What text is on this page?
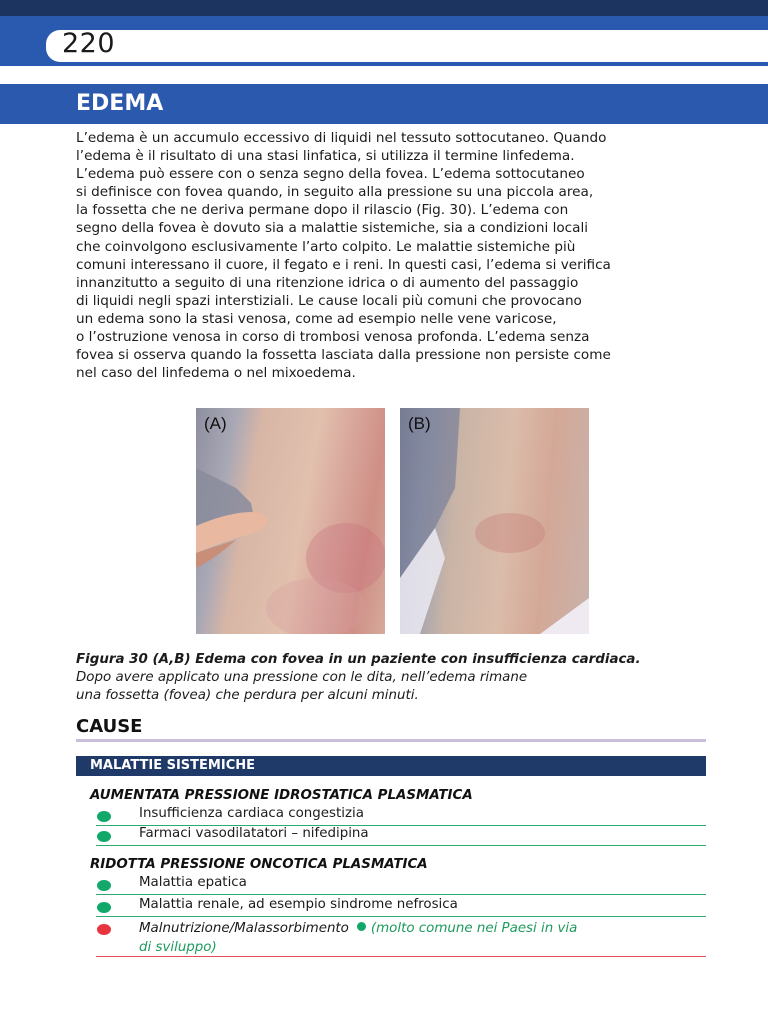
220
EDEMA
L’edema è un accumulo eccessivo di liquidi nel tessuto sottocutaneo. Quando
l’edema è il risultato di una stasi linfatica, si utilizza il termine linfedema.
L’edema può essere con o senza segno della fovea. L’edema sottocutaneo
si definisce con fovea quando, in seguito alla pressione su una piccola area,
la fossetta che ne deriva permane dopo il rilascio (Fig. 30). L’edema con
segno della fovea è dovuto sia a malattie sistemiche, sia a condizioni locali
che coinvolgono esclusivamente l’arto colpito. Le malattie sistemiche più
comuni interessano il cuore, il fegato e i reni. In questi casi, l’edema si verifica
innanzitutto a seguito di una ritenzione idrica o di aumento del passaggio
di liquidi negli spazi interstiziali. Le cause locali più comuni che provocano
un edema sono la stasi venosa, come ad esempio nelle vene varicose,
o l’ostruzione venosa in corso di trombosi venosa profonda. L’edema senza
fovea si osserva quando la fossetta lasciata dalla pressione non persiste come
nel caso del linfedema o nel mixoedema.
(A)	(B)
Figura 30 (A,B) Edema con fovea in un paziente con insufficienza cardiaca.
Dopo avere applicato una pressione con le dita, nell’edema rimane
una fossetta (fovea) che perdura per alcuni minuti.
CAUSE
MALATTIE SISTEMICHE
AUMENTATA PRESSIONE IDROSTATICA PLASMATICA
Insufficienza cardiaca congestizia
Farmaci vasodilatatori – nifedipina
RIDOTTA PRESSIONE ONCOTICA PLASMATICA
Malattia epatica
Malattia renale, ad esempio sindrome nefrosica
Malnutrizione/Malassorbimento (molto comune nei Paesi in via
di sviluppo)
